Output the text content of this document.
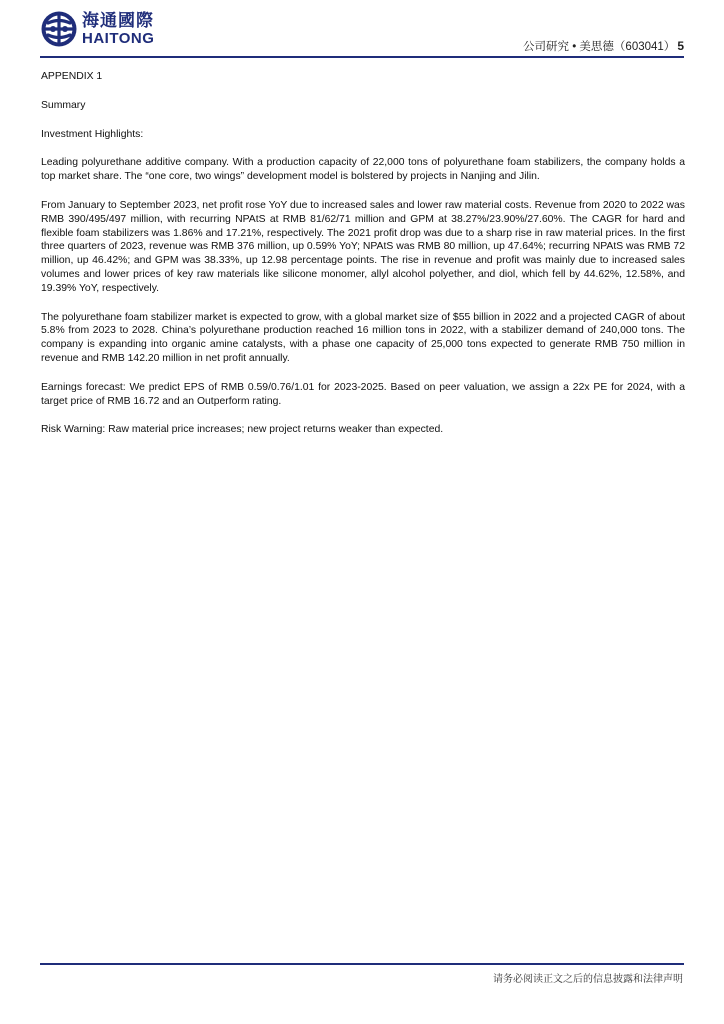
海通國際
HAITONG
公司研究 • 美思德（603041） 5

APPENDIX 1

Summary

Investment Highlights:

Leading polyurethane additive company. With a production capacity of 22,000 tons of polyurethane foam stabilizers, the company holds a top market share. The “one core, two wings” development model is bolstered by projects in Nanjing and Jilin.

From January to September 2023, net profit rose YoY due to increased sales and lower raw material costs. Revenue from 2020 to 2022 was RMB 390/495/497 million, with recurring NPAtS at RMB 81/62/71 million and GPM at 38.27%/23.90%/27.60%. The CAGR for hard and flexible foam stabilizers was 1.86% and 17.21%, respectively. The 2021 profit drop was due to a sharp rise in raw material prices. In the first three quarters of 2023, revenue was RMB 376 million, up 0.59% YoY; NPAtS was RMB 80 million, up 47.64%; recurring NPAtS was RMB 72 million, up 46.42%; and GPM was 38.33%, up 12.98 percentage points. The rise in revenue and profit was mainly due to increased sales volumes and lower prices of key raw materials like silicone monomer, allyl alcohol polyether, and diol, which fell by 44.62%, 12.58%, and 19.39% YoY, respectively.

The polyurethane foam stabilizer market is expected to grow, with a global market size of $55 billion in 2022 and a projected CAGR of about 5.8% from 2023 to 2028. China’s polyurethane production reached 16 million tons in 2022, with a stabilizer demand of 240,000 tons. The company is expanding into organic amine catalysts, with a phase one capacity of 25,000 tons expected to generate RMB 750 million in revenue and RMB 142.20 million in net profit annually.

Earnings forecast: We predict EPS of RMB 0.59/0.76/1.01 for 2023-2025. Based on peer valuation, we assign a 22x PE for 2024, with a target price of RMB 16.72 and an Outperform rating.

Risk Warning: Raw material price increases; new project returns weaker than expected.

请务必阅读正文之后的信息披露和法律声明
